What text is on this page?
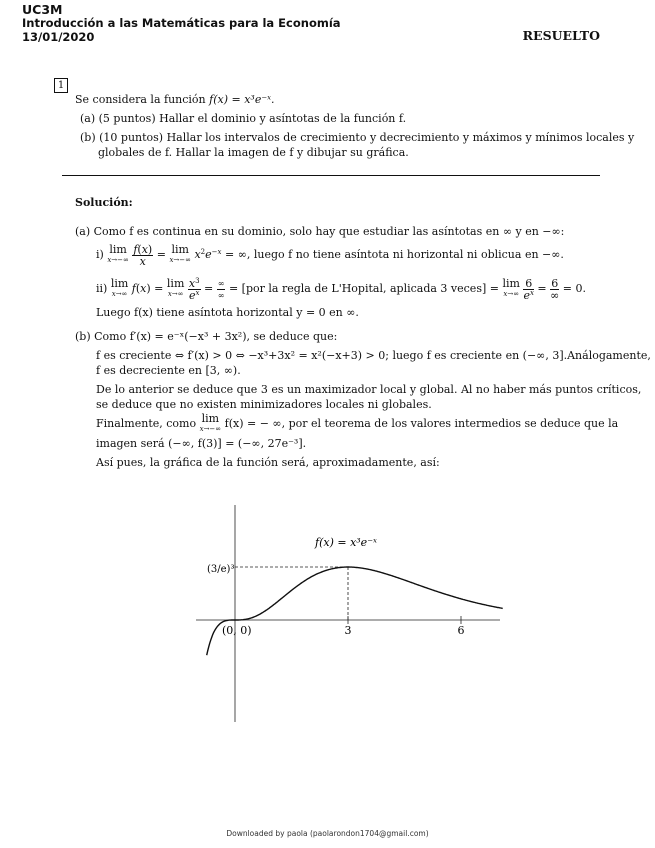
UC3M
Introducción a las Matemáticas para la Economía
13/01/2020	RESUELTO
1
Se considera la función f(x) = x³e⁻ˣ.
(a) (5 puntos) Hallar el dominio y asíntotas de la función f.
(b) (10 puntos) Hallar los intervalos de crecimiento y decrecimiento y máximos y mínimos locales y
globales de f. Hallar la imagen de f y dibujar su gráfica.
Solución:
(a) Como f es continua en su dominio, solo hay que estudiar las asíntotas en ∞ y en −∞:
i) lim
x→−∞
$\frac{f(x)}{x} = \lim$
x→−∞ $x^2e^{-x}$ = ∞, luego f no tiene asíntota ni horizontal ni oblicua en −∞.
ii) lim
x→∞ f(x) = lim
x→∞
$\frac{x^3}{e^x} = \frac{\infty}{\infty} = [por$ la regla de L'Hopital, aplicada 3 veces] = lim
x→∞
$\frac{6}{e^x} = \frac{6}{\infty} = 0$.
Luego f(x) tiene asíntota horizontal y = 0 en ∞.
(b) Como f′(x) = e⁻ˣ(−x³ + 3x²), se deduce que:
f es creciente ⇔ f′(x) > 0 ⇔ −x³+3x² = x²(−x+3) > 0; luego f es creciente en (−∞, 3].Análogamente,
f es decreciente en [3, ∞).
De lo anterior se deduce que 3 es un maximizador local y global. Al no haber más puntos críticos,
se deduce que no existen minimizadores locales ni globales.
Finalmente, como lim
x→−∞ f(x) = − ∞, por el teorema de los valores intermedios se deduce que la
imagen será (−∞, f(3)] = (−∞, 27e⁻³].
Así pues, la gráfica de la función será, aproximadamente, así:
3	6
(0, 0)
f(x) = x³e⁻ˣ
(3/e)³
Downloaded by paola (paolarondon1704@gmail.com)
